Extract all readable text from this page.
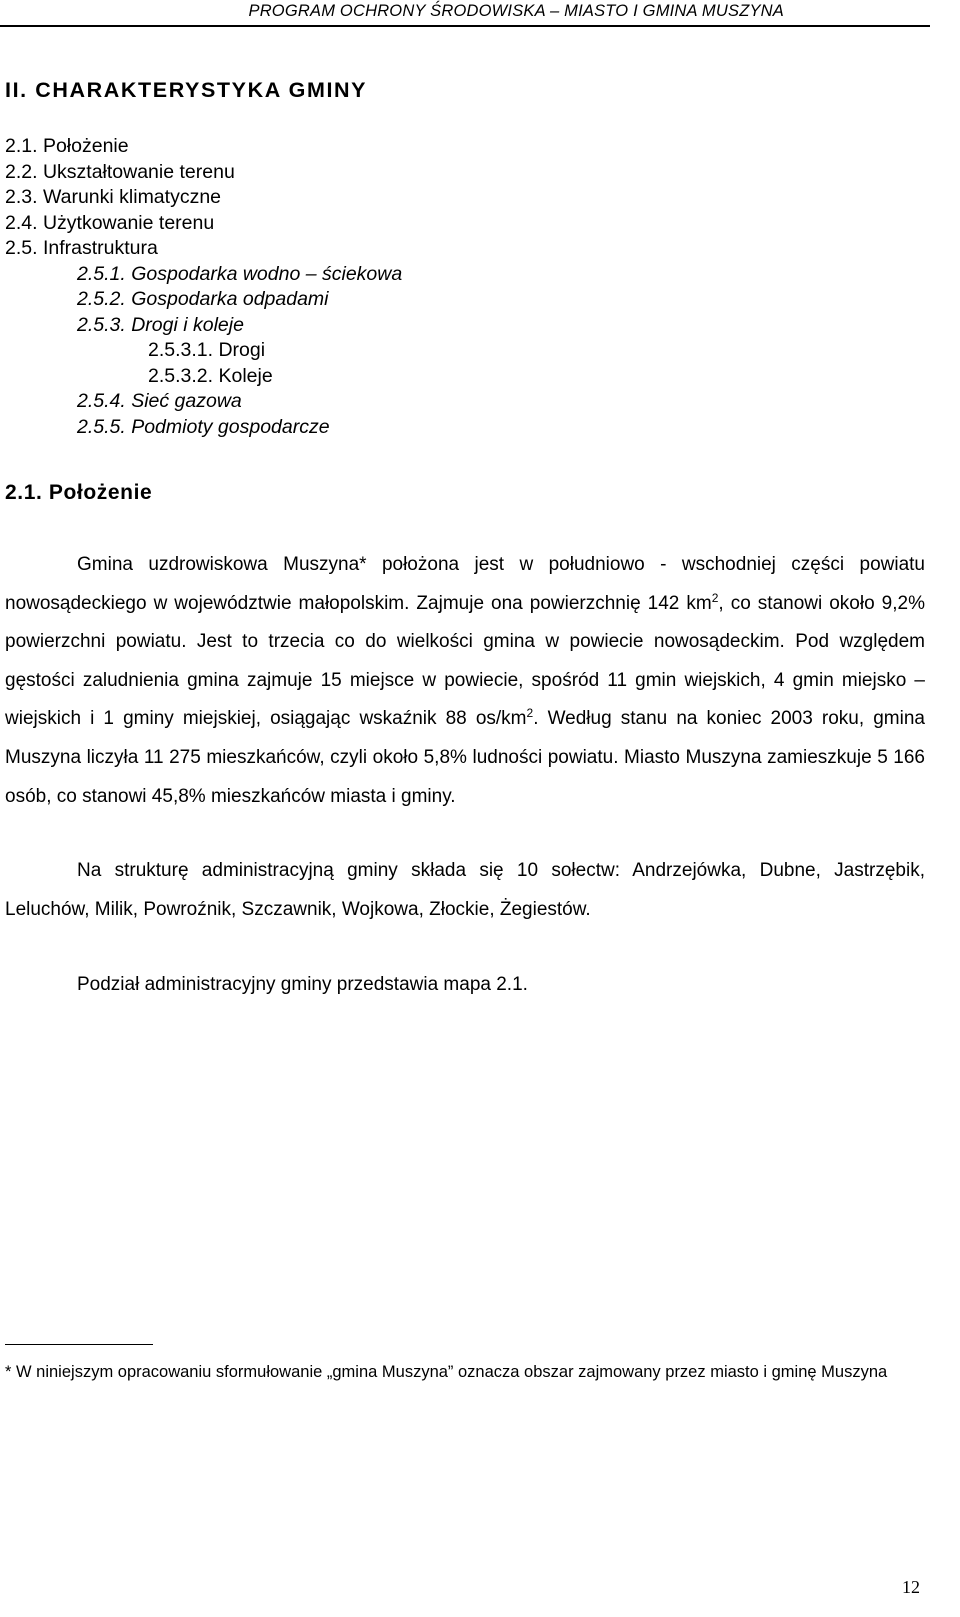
PROGRAM OCHRONY ŚRODOWISKA – MIASTO I GMINA MUSZYNA
II. CHARAKTERYSTYKA GMINY
2.1. Położenie
2.2. Ukształtowanie terenu
2.3. Warunki klimatyczne
2.4. Użytkowanie terenu
2.5. Infrastruktura
2.5.1. Gospodarka wodno – ściekowa
2.5.2. Gospodarka odpadami
2.5.3. Drogi i koleje
2.5.3.1. Drogi
2.5.3.2. Koleje
2.5.4. Sieć gazowa
2.5.5. Podmioty gospodarcze
2.1. Położenie

Gmina uzdrowiskowa Muszyna* położona jest w południowo - wschodniej części powiatu nowosądeckiego w województwie małopolskim. Zajmuje ona powierzchnię 142 $km^2$, co stanowi około 9,2% powierzchni powiatu. Jest to trzecia co do wielkości gmina w powiecie nowosądeckim. Pod względem gęstości zaludnienia gmina zajmuje 15 miejsce w powiecie, spośród 11 gmin wiejskich, 4 gmin miejsko – wiejskich i 1 gminy miejskiej, osiągając wskaźnik 88 $os/km^2$. Według stanu na koniec 2003 roku, gmina Muszyna liczyła 11 275 mieszkańców, czyli około 5,8% ludności powiatu. Miasto Muszyna zamieszkuje 5 166 osób, co stanowi 45,8% mieszkańców miasta i gminy.

Na strukturę administracyjną gminy składa się 10 sołectw: Andrzejówka, Dubne, Jastrzębik, Leluchów, Milik, Powroźnik, Szczawnik, Wojkowa, Złockie, Żegiestów.

Podział administracyjny gminy przedstawia mapa 2.1.

* W niniejszym opracowaniu sformułowanie „gmina Muszyna” oznacza obszar zajmowany przez miasto i gminę Muszyna

12
